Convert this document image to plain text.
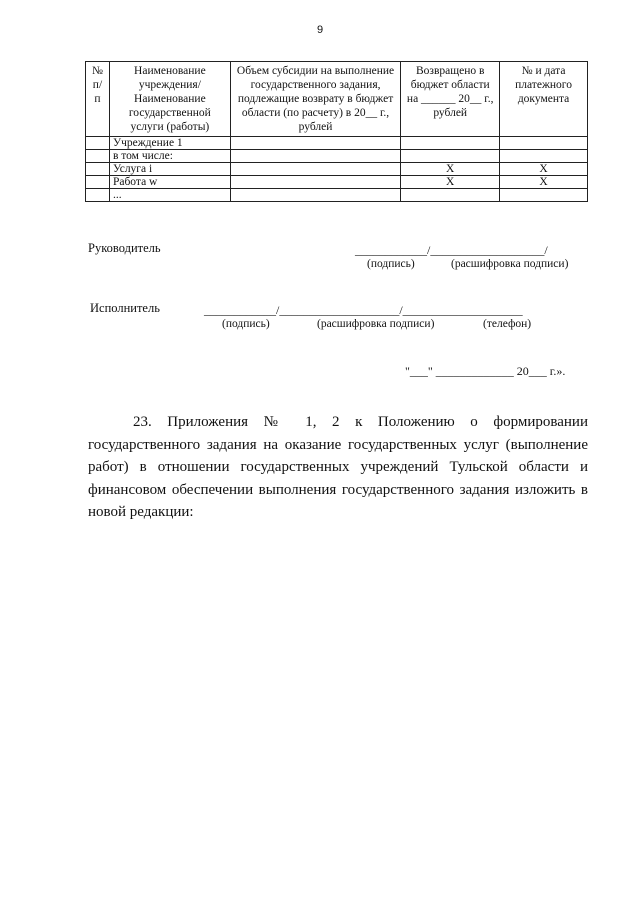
9
№ п/ п	Наименование учреждения/ Наименование государственной услуги (работы)	Объем субсидии на выполнение государственного задания, подлежащие возврату в бюджет области (по расчету) в 20__ г., рублей	Возвращено в бюджет области на ______ 20__ г., рублей	№ и дата платежного документа
	Учреждение 1			
	в том числе:			
	Услуга i		X	X
	Работа w		X	X
	...			
Руководитель	____________/___________________/
(подпись)	(расшифровка подписи)
Исполнитель	____________/____________________/____________________
(подпись)	(расшифровка подписи)	(телефон)
"___" _____________ 20___ г.».
23. Приложения № 1, 2 к Положению о формировании государственного задания на оказание государственных услуг (выполнение работ) в отношении государственных учреждений Тульской области и финансовом обеспечении выполнения государственного задания изложить в новой редакции:
